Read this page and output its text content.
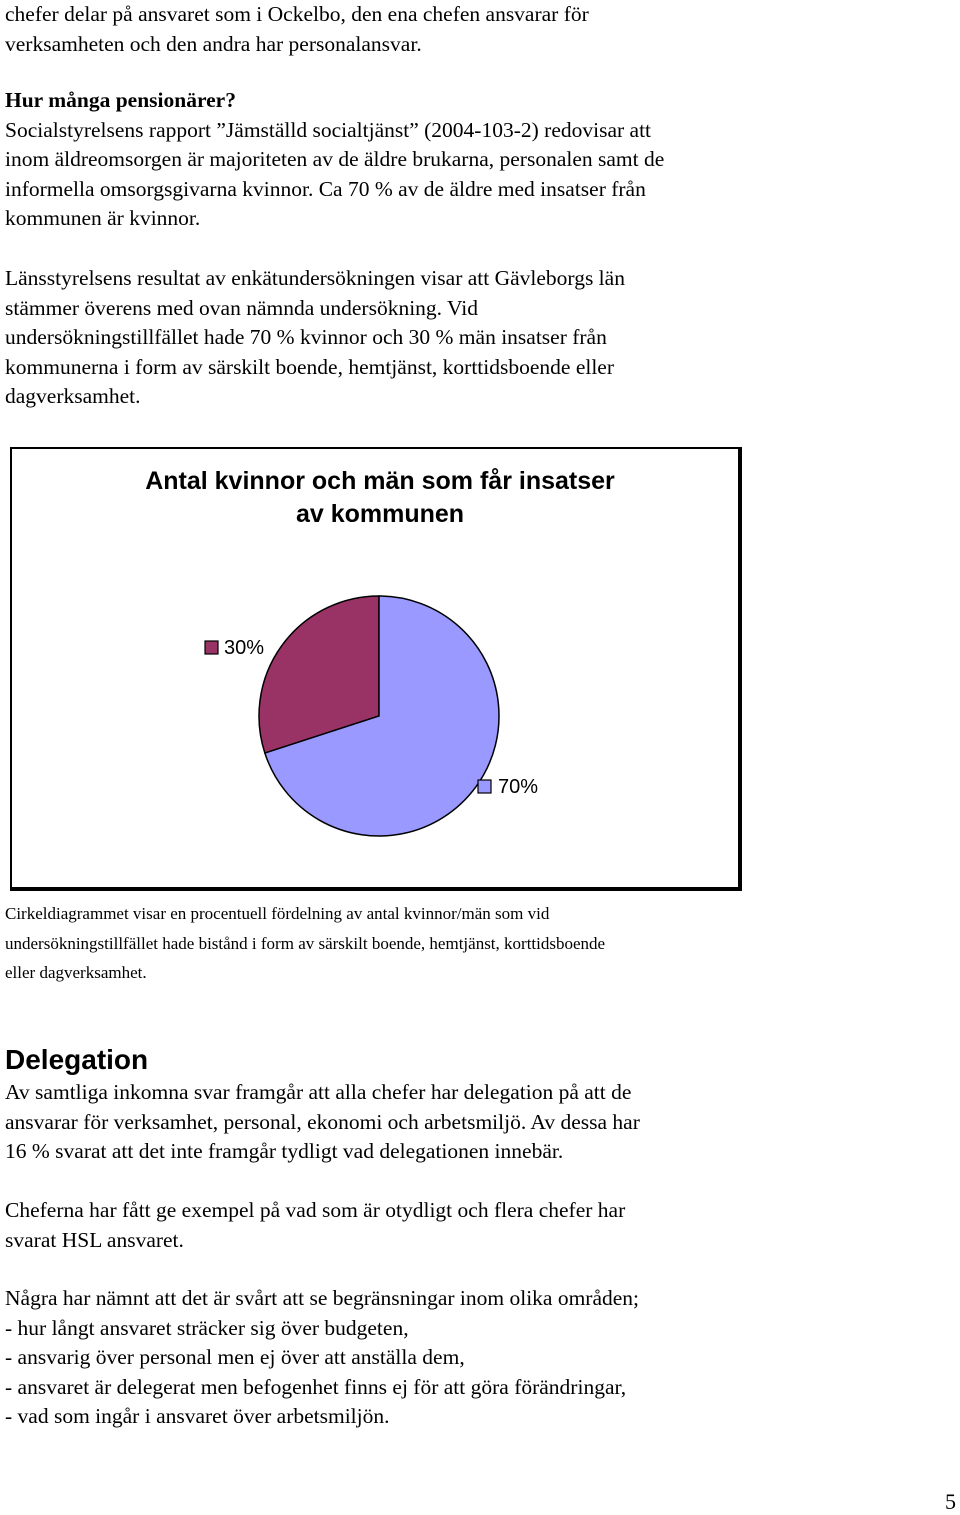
chefer delar på ansvaret som i Ockelbo, den ena chefen ansvarar för

verksamheten och den andra har personalansvar.

Hur många pensionärer?

Socialstyrelsens rapport ”Jämställd socialtjänst” (2004-103-2) redovisar att

inom äldreomsorgen är majoriteten av de äldre brukarna, personalen samt de

informella omsorgsgivarna kvinnor. Ca 70 % av de äldre med insatser från

kommunen är kvinnor.

Länsstyrelsens resultat av enkätundersökningen visar att Gävleborgs län

stämmer överens med ovan nämnda undersökning. Vid

undersökningstillfället hade 70 % kvinnor och 30 % män insatser från

kommunerna i form av särskilt boende, hemtjänst, korttidsboende eller

dagverksamhet.

Antal kvinnor och män som får insatser
av kommunen
30%
70%
Cirkeldiagrammet visar en procentuell fördelning av antal kvinnor/män som vid
undersökningstillfället hade bistånd i form av särskilt boende, hemtjänst, korttidsboende
eller dagverksamhet.
Delegation

Av samtliga inkomna svar framgår att alla chefer har delegation på att de

ansvarar för verksamhet, personal, ekonomi och arbetsmiljö. Av dessa har

16 % svarat att det inte framgår tydligt vad delegationen innebär.

Cheferna har fått ge exempel på vad som är otydligt och flera chefer har

svarat HSL ansvaret.

Några har nämnt att det är svårt att se begränsningar inom olika områden;

- hur långt ansvaret sträcker sig över budgeten,

- ansvarig över personal men ej över att anställa dem,

- ansvaret är delegerat men befogenhet finns ej för att göra förändringar,

- vad som ingår i ansvaret över arbetsmiljön.

5
